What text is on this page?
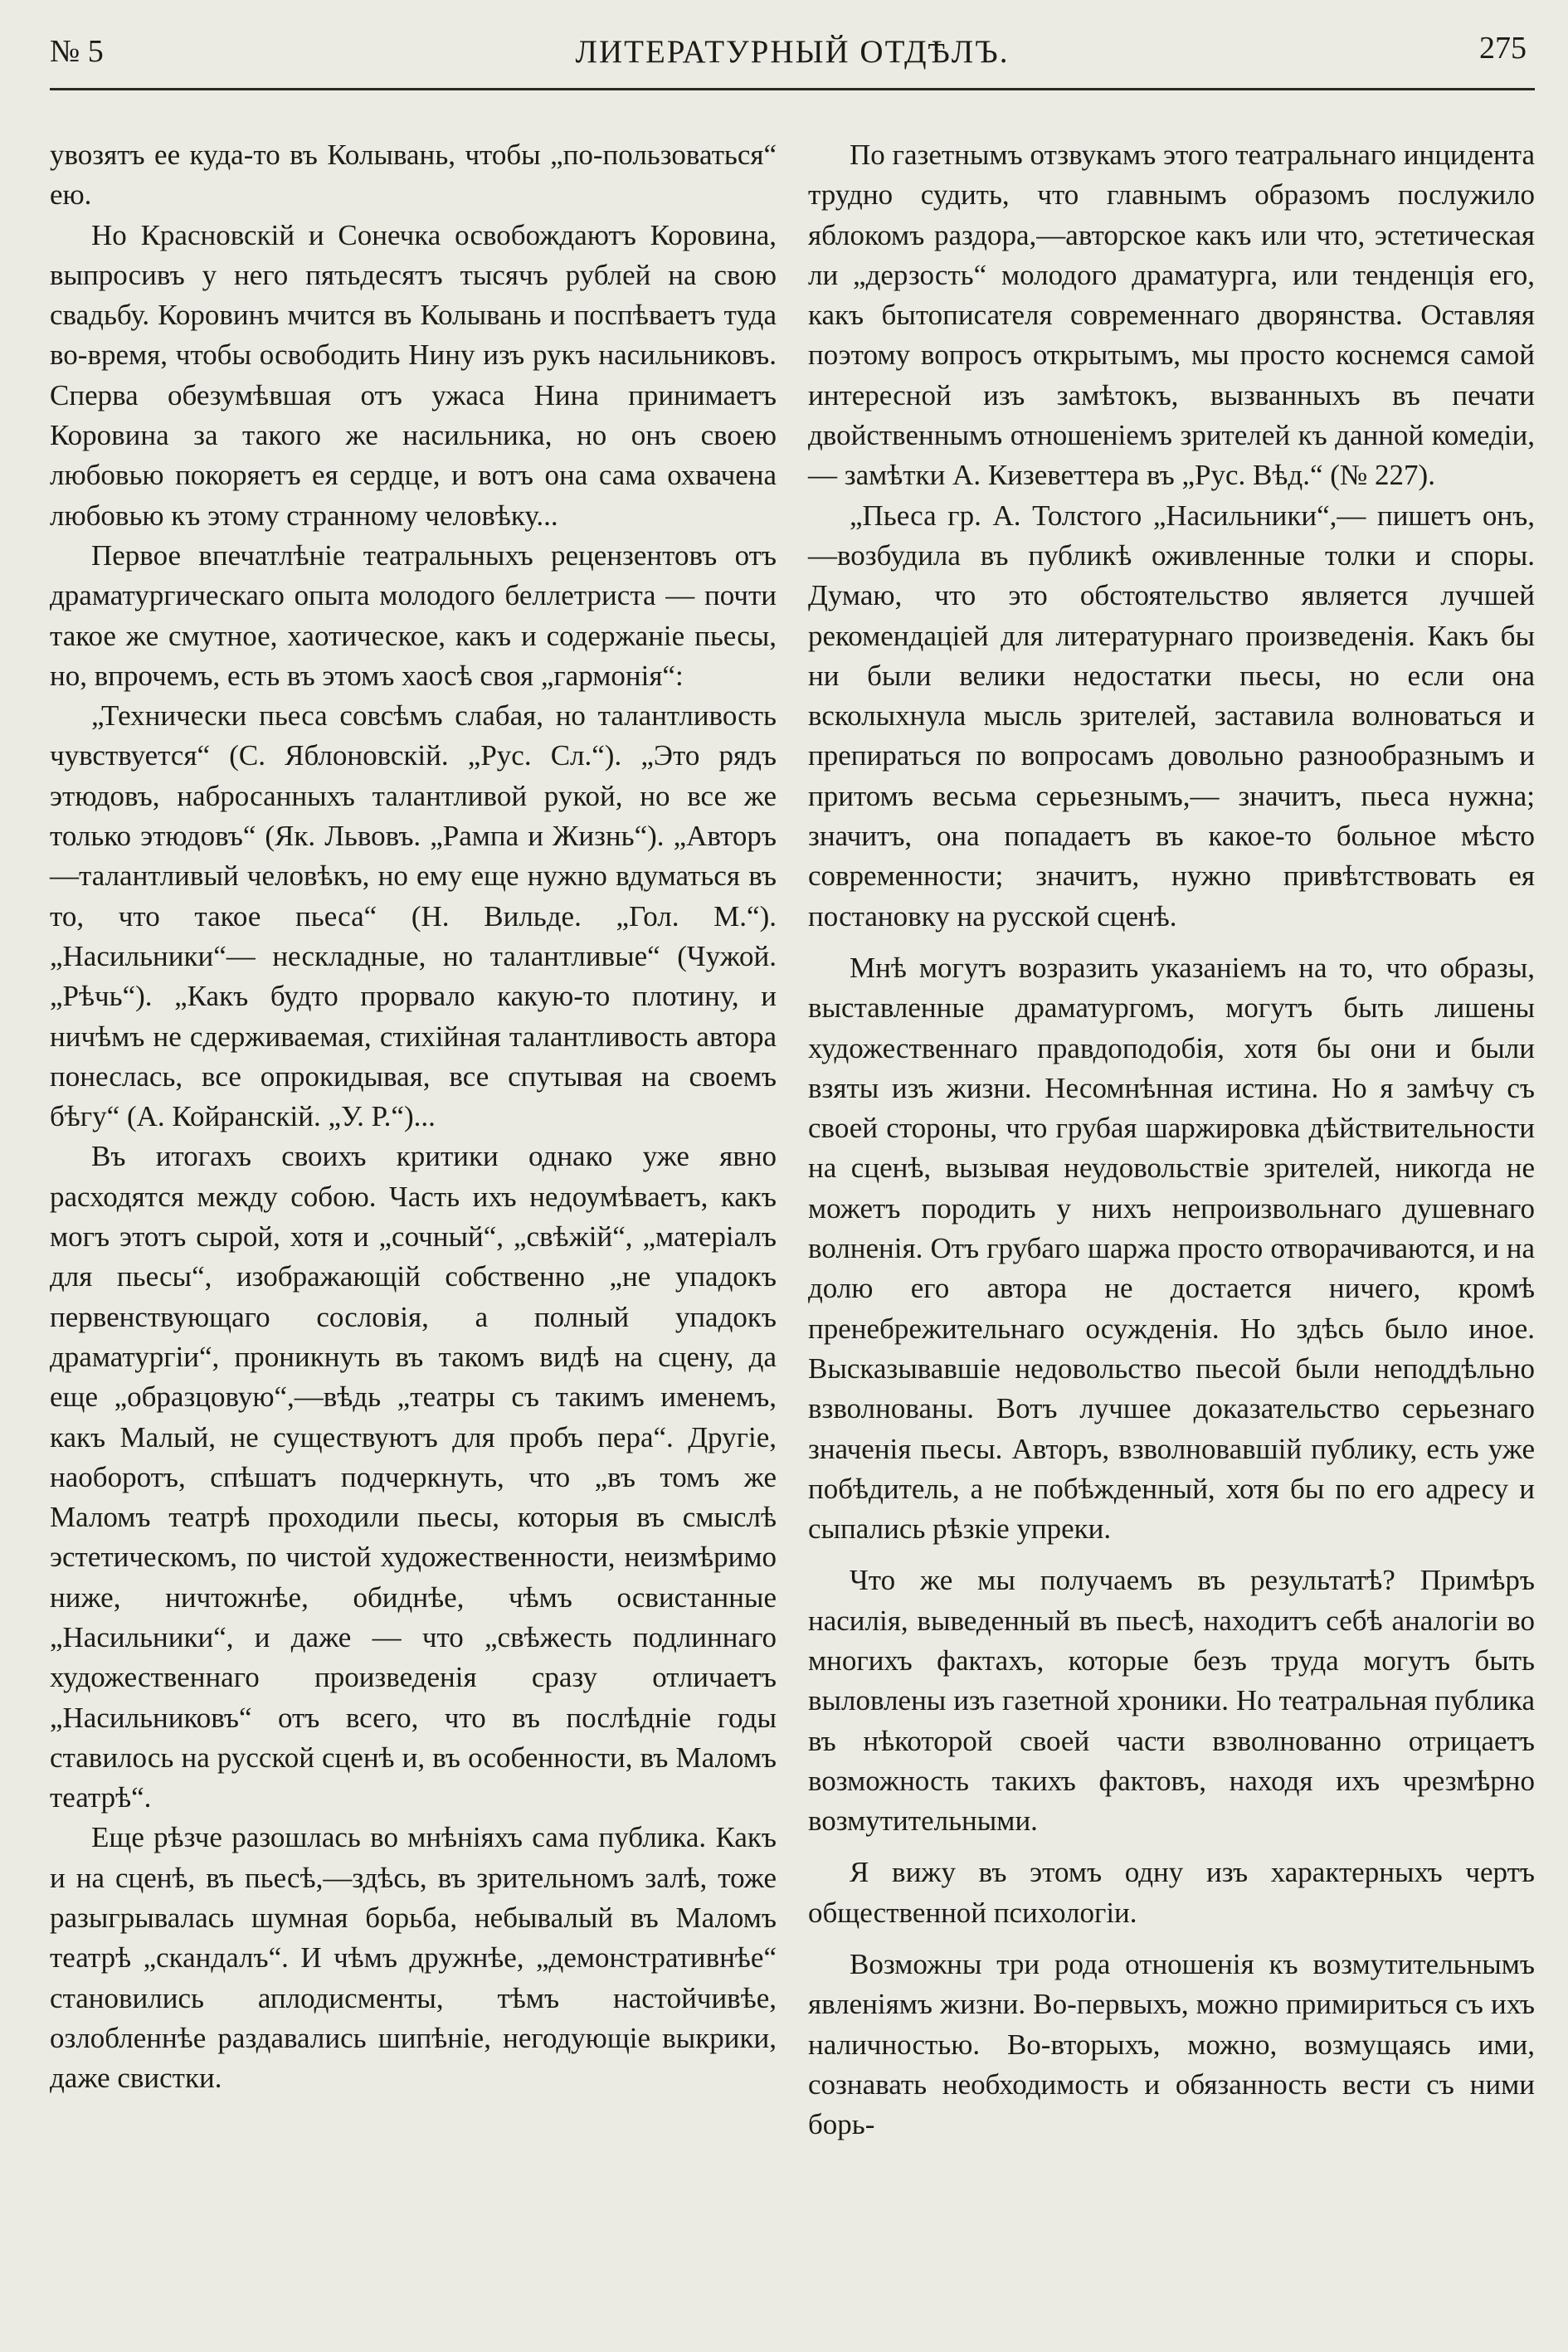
№ 5	ЛИТЕРАТУРНЫЙ ОТДѢЛЪ.	275

увозятъ ее куда-то въ Колывань, чтобы „по-пользоваться“ ею.

Но Красновскій и Сонечка освобождаютъ Коровина, выпросивъ у него пятьдесятъ тысячъ рублей на свою свадьбу. Коровинъ мчится въ Колывань и поспѣваетъ туда во-время, чтобы освободить Нину изъ рукъ насильниковъ. Сперва обезумѣвшая отъ ужаса Нина принимаетъ Коровина за такого же насильника, но онъ своею любовью покоряетъ ея сердце, и вотъ она сама охвачена любовью къ этому странному человѣку...

Первое впечатлѣніе театральныхъ рецензентовъ отъ драматургическаго опыта молодого беллетриста — почти такое же смутное, хаотическое, какъ и содержаніе пьесы, но, впрочемъ, есть въ этомъ хаосѣ своя „гармонія“:

„Технически пьеса совсѣмъ слабая, но талантливость чувствуется“ (С. Яблоновскій. „Рус. Сл.“). „Это рядъ этюдовъ, набросанныхъ талантливой рукой, но все же только этюдовъ“ (Як. Львовъ. „Рампа и Жизнь“). „Авторъ—талантливый человѣкъ, но ему еще нужно вдуматься въ то, что такое пьеса“ (Н. Вильде. „Гол. М.“). „Насильники“— нескладные, но талантливые“ (Чужой. „Рѣчь“). „Какъ будто прорвало какую-то плотину, и ничѣмъ не сдерживаемая, стихійная талантливость автора понеслась, все опрокидывая, все спутывая на своемъ бѣгу“ (А. Койранскій. „У. Р.“)...

Въ итогахъ своихъ критики однако уже явно расходятся между собою. Часть ихъ недоумѣваетъ, какъ могъ этотъ сырой, хотя и „сочный“, „свѣжій“, „матеріалъ для пьесы“, изображающій собственно „не упадокъ первенствующаго сословія, а полный упадокъ драматургіи“, проникнуть въ такомъ видѣ на сцену, да еще „образцовую“,—вѣдь „театры съ такимъ именемъ, какъ Малый, не существуютъ для пробъ пера“. Другіе, наоборотъ, спѣшатъ подчеркнуть, что „въ томъ же Маломъ театрѣ проходили пьесы, которыя въ смыслѣ эстетическомъ, по чистой художественности, неизмѣримо ниже, ничтожнѣе, обиднѣе, чѣмъ освистанные „Насильники“, и даже — что „свѣжесть подлиннаго художественнаго произведенія сразу отличаетъ „Насильниковъ“ отъ всего, что въ послѣдніе годы ставилось на русской сценѣ и, въ особенности, въ Маломъ театрѣ“.

Еще рѣзче разошлась во мнѣніяхъ сама публика. Какъ и на сценѣ, въ пьесѣ,—здѣсь, въ зрительномъ залѣ, тоже разыгрывалась шумная борьба, небывалый въ Маломъ театрѣ „скандалъ“. И чѣмъ дружнѣе, „демонстративнѣе“ становились аплодисменты, тѣмъ настойчивѣе, озлобленнѣе раздавались шипѣніе, негодующіе выкрики, даже свистки.

По газетнымъ отзвукамъ этого театральнаго инцидента трудно судить, что главнымъ образомъ послужило яблокомъ раздора,—авторское какъ или что, эстетическая ли „дерзость“ молодого драматурга, или тенденція его, какъ бытописателя современнаго дворянства. Оставляя поэтому вопросъ открытымъ, мы просто коснемся самой интересной изъ замѣтокъ, вызванныхъ въ печати двойственнымъ отношеніемъ зрителей къ данной комедіи,— замѣтки А. Кизеветтера въ „Рус. Вѣд.“ (№ 227).

„Пьеса гр. А. Толстого „Насильники“,— пишетъ онъ,—возбудила въ публикѣ оживленные толки и споры. Думаю, что это обстоятельство является лучшей рекомендаціей для литературнаго произведенія. Какъ бы ни были велики недостатки пьесы, но если она всколыхнула мысль зрителей, заставила волноваться и препираться по вопросамъ довольно разнообразнымъ и притомъ весьма серьезнымъ,— значитъ, пьеса нужна; значитъ, она попадаетъ въ какое-то больное мѣсто современности; значитъ, нужно привѣтствовать ея постановку на русской сценѣ.

Мнѣ могутъ возразить указаніемъ на то, что образы, выставленные драматургомъ, могутъ быть лишены художественнаго правдоподобія, хотя бы они и были взяты изъ жизни. Несомнѣнная истина. Но я замѣчу съ своей стороны, что грубая шаржировка дѣйствительности на сценѣ, вызывая неудовольствіе зрителей, никогда не можетъ породить у нихъ непроизвольнаго душевнаго волненія. Отъ грубаго шаржа просто отворачиваются, и на долю его автора не достается ничего, кромѣ пренебрежительнаго осужденія. Но здѣсь было иное. Высказывавшіе недовольство пьесой были неподдѣльно взволнованы. Вотъ лучшее доказательство серьезнаго значенія пьесы. Авторъ, взволновавшій публику, есть уже побѣдитель, а не побѣжденный, хотя бы по его адресу и сыпались рѣзкіе упреки.

Что же мы получаемъ въ результатѣ? Примѣръ насилія, выведенный въ пьесѣ, находитъ себѣ аналогіи во многихъ фактахъ, которые безъ труда могутъ быть выловлены изъ газетной хроники. Но театральная публика въ нѣкоторой своей части взволнованно отрицаетъ возможность такихъ фактовъ, находя ихъ чрезмѣрно возмутительными.

Я вижу въ этомъ одну изъ характерныхъ чертъ общественной психологіи.

Возможны три рода отношенія къ возмутительнымъ явленіямъ жизни. Во-первыхъ, можно примириться съ ихъ наличностью. Во-вторыхъ, можно, возмущаясь ими, сознавать необходимость и обязанность вести съ ними борь-
